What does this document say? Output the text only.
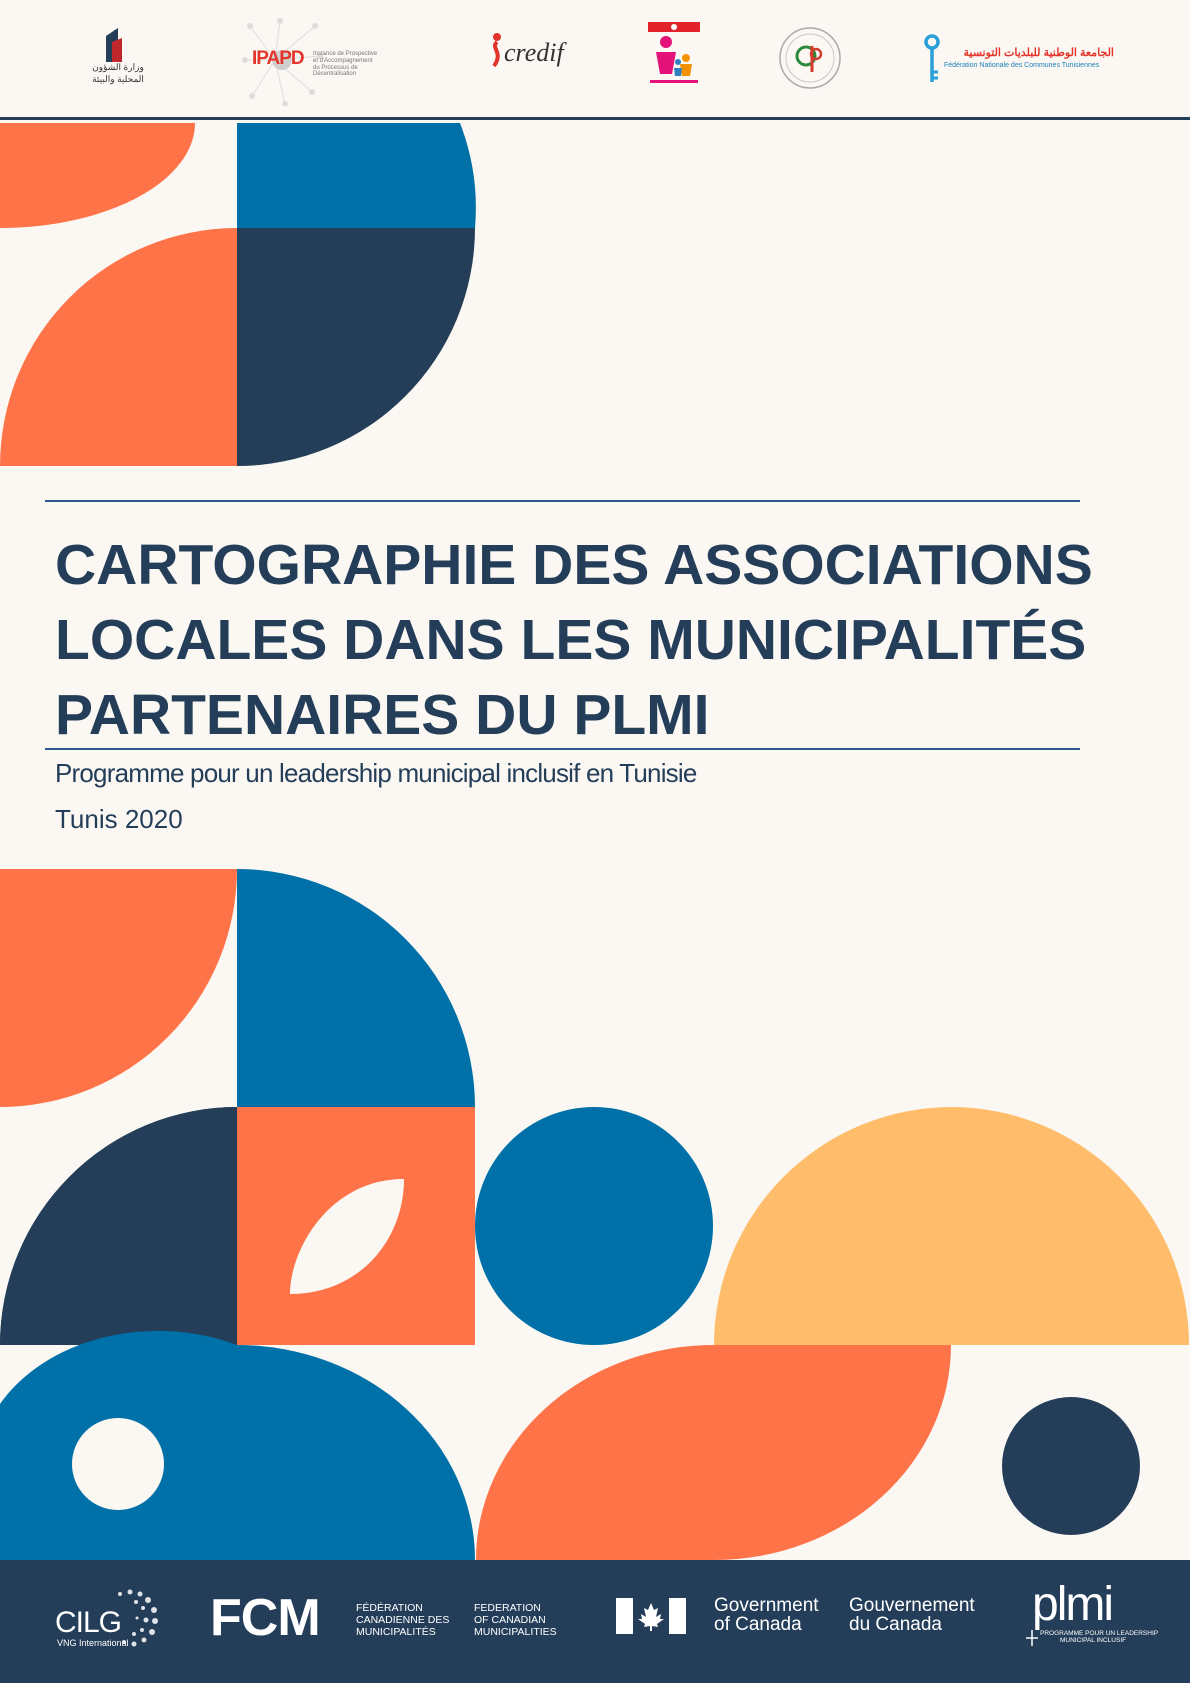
وزارة الشؤون
المحلية والبيئة
IPAPD Instance de Prospective
et d'Accompagnement
du Processus de Décentralisation
credif	الجامعة الوطنية للبلديات التونسية
Fédération Nationale des Communes Tunisiennes
CARTOGRAPHIE DES ASSOCIATIONS
LOCALES DANS LES MUNICIPALITÉS
PARTENAIRES DU PLMI
Programme pour un leadership municipal inclusif en Tunisie
Tunis 2020
CILG
VNG International FCM	FÉDÉRATION
CANADIENNE DES
MUNICIPALITÉS
FEDERATION
OF CANADIAN
MUNICIPALITIES
Government
of Canada
Gouvernement
du Canada plmi
PROGRAMME POUR UN LEADERSHIP
MUNICIPAL INCLUSIF
